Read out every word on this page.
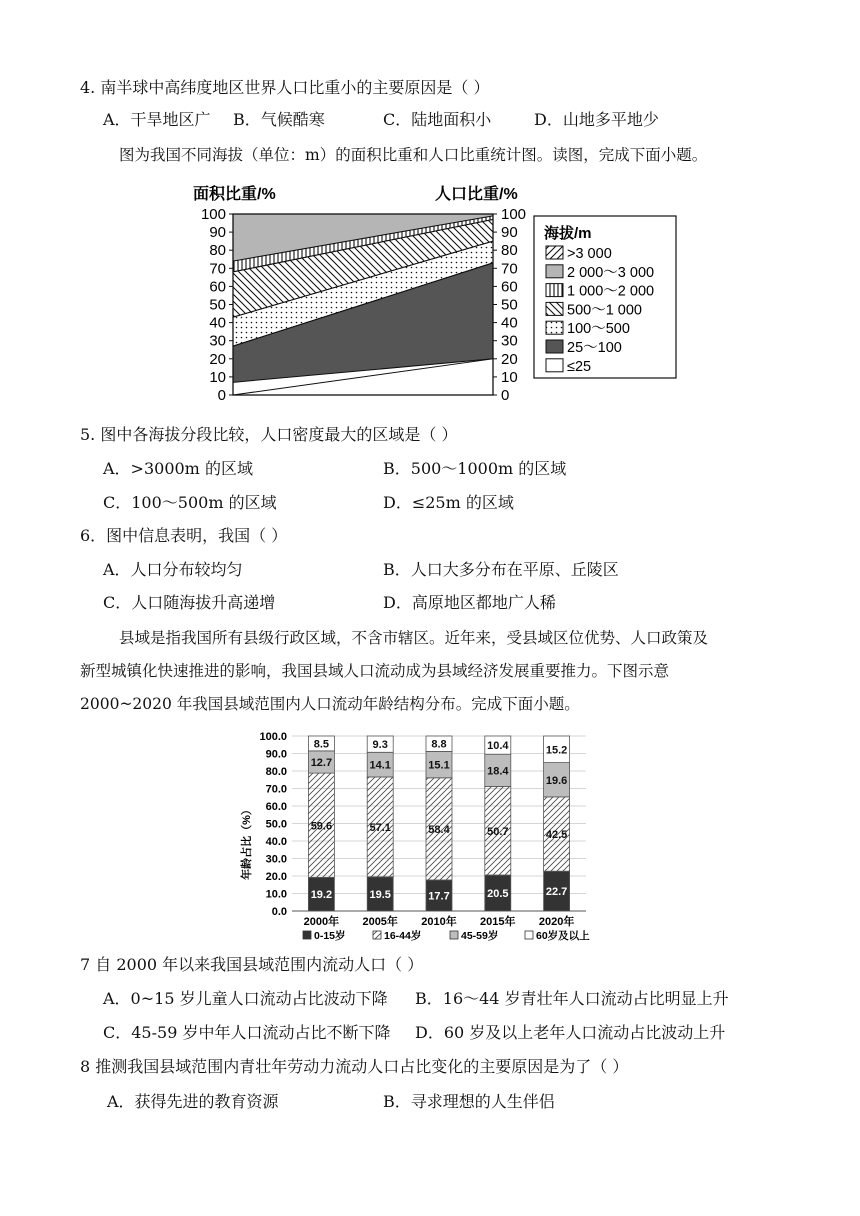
4. 南半球中高纬度地区世界人口比重小的主要原因是（ ）
A．干旱地区广 B．气候酷寒	C．陆地面积小	D．山地多平地少
图为我国不同海拔（单位：m）的面积比重和人口比重统计图。读图，完成下面小题。
面积比重/%	人口比重/%
0
10
20
30
40
50
60
70
80
90
100
0
10
20
30
40
50
60
70
80
90
100
海拔/m
>3 000
2 000～3 000
1 000～2 000
500～1 000
100～500
25～100
≤25
5. 图中各海拔分段比较，人口密度最大的区域是（ ）
A．>3000m 的区域	B．500～1000m 的区域
C．100～500m 的区域	D．≤25m 的区域
6．图中信息表明，我国（ ）
A．人口分布较均匀	B．人口大多分布在平原、丘陵区
C．人口随海拔升高递增	D．高原地区都地广人稀
县域是指我国所有县级行政区域，不含市辖区。近年来，受县域区位优势、人口政策及
新型城镇化快速推进的影响，我国县域人口流动成为县域经济发展重要推力。下图示意
2000~2020 年我国县域范围内人口流动年龄结构分布。完成下面小题。
年龄占比（%）
0.0
10.0
20.0
30.0
40.0
50.0
60.0
70.0
80.0
90.0
100.0
19.2
59.6
12.7
8.5
19.5
57.1
14.1
9.3
17.7
58.4
15.1
8.8
20.5
50.7
18.4
10.4
22.7
42.5
19.6
15.2
2000年 2005年 2010年 2015年 2020年
0-15岁	16-44岁	45-59岁	60岁及以上
7 自 2000 年以来我国县域范围内流动人口（ ）
A．0~15 岁儿童人口流动占比波动下降 B．16～44 岁青壮年人口流动占比明显上升
C．45-59 岁中年人口流动占比不断下降 D．60 岁及以上老年人口流动占比波动上升
8 推测我国县域范围内青壮年劳动力流动人口占比变化的主要原因是为了（ ）
A．获得先进的教育资源	B．寻求理想的人生伴侣
